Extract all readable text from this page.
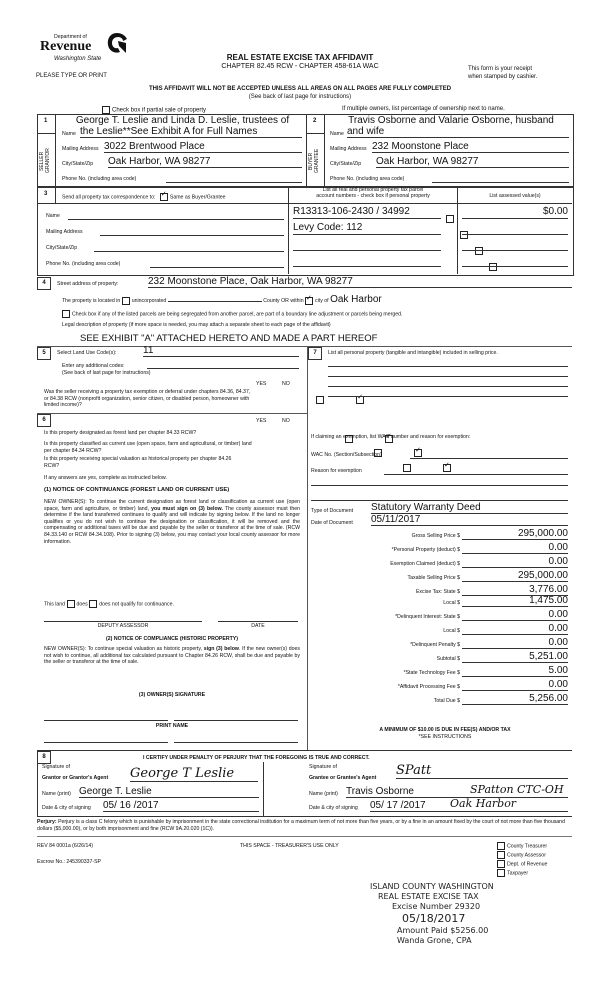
Department of
Revenue
Washington State
PLEASE TYPE OR PRINT
REAL ESTATE EXCISE TAX AFFIDAVIT
CHAPTER 82.45 RCW - CHAPTER 458-61A WAC	This form is your receipt
when stamped by cashier.
THIS AFFIDAVIT WILL NOT BE ACCEPTED UNLESS ALL AREAS ON ALL PAGES ARE FULLY COMPLETED
(See back of last page for instructions)
Check box if partial sale of property	If multiple owners, list percentage of ownership next to name.
1
SELLER GRANTOR
George T. Leslie and Linda D. Leslie, trustees of
Name the Leslie**See Exhibit A for Full Names
Mailing Address 3022 Brentwood Place
City/State/Zip Oak Harbor, WA 98277
Phone No. (including area code)
2
BUYER GRANTEE
Travis Osborne and Valarie Osborne, husband
Name and wife
Mailing Address 232 Moonstone Place
City/State/Zip Oak Harbor, WA 98277
Phone No. (including area code)
3
Send all property tax correspondence to: ✓	Same as Buyer/Grantee
List all real and personal property tax parcel
account numbers - check box if personal property	List assessed value(s)
Name
Mailing Address
City/State/Zip
Phone No. (including area code)
R13313-106-2430 / 34992
	$0.00
Levy Code: 112

4	Street address of property:	232 Moonstone Place, Oak Harbor, WA 98277
The property is located in unincorporated	County OR within ✓ city of Oak Harbor
Check box if any of the listed parcels are being segregated from another parcel, are part of a boundary line adjustment or parcels being merged.
Legal description of property (if more space is needed, you may attach a separate sheet to each page of the affidavit)
SEE EXHIBIT "A" ATTACHED HERETO AND MADE A PART HEREOF
5	Select Land Use Code(s):	11
Enter any additional codes:
(See back of last page for instructions)
YES	NO
Was the seller receiving a property tax exemption or deferral under chapters 84.36, 84.37, or 84.38 RCW (nonprofit organization, senior citizen, or disabled person, homeowner with limited income)?
✓
6	YES	NO
Is this property designated as forest land per chapter 84.33 RCW?
✓
Is this property classified as current use (open space, farm and agricultural, or timber) land per chapter 84.34 RCW?
✓
Is this property receiving special valuation as historical property per chapter 84.26 RCW?
✓
If any answers are yes, complete as instructed below.
(1) NOTICE OF CONTINUANCE (FOREST LAND OR CURRENT USE)
NEW OWNER(S): To continue the current designation as forest land or classification as current use (open space, farm and agriculture, or timber) land, you must sign on (3) below. The county assessor must then determine if the land transferred continues to qualify and will indicate by signing below. If the land no longer qualifies or you do not wish to continue the designation or classification, it will be removed and the compensating or additional taxes will be due and payable by the seller or transferor at the time of sale. (RCW 84.33.140 or RCW 84.34.108). Prior to signing (3) below, you may contact your local county assessor for more information.
This land does does not qualify for continuance.
DEPUTY ASSESSOR	DATE
(2) NOTICE OF COMPLIANCE (HISTORIC PROPERTY)
NEW OWNER(S): To continue special valuation as historic property, sign (3) below. If the new owner(s) does not wish to continue, all additional tax calculated pursuant to Chapter 84.26 RCW, shall be due and payable by the seller or transferor at the time of sale.
(3) OWNER(S) SIGNATURE
PRINT NAME
7	List all personal property (tangible and intangible) included in selling price.
If claiming an exemption, list WAC number and reason for exemption:
WAC No. (Section/Subsection)
Reason for exemption
Type of Document Statutory Warranty Deed
Date of Document 05/11/2017
Gross Selling Price $	295,000.00
*Personal Property (deduct) $	0.00
Exemption Claimed (deduct) $	0.00
Taxable Selling Price $	295,000.00
Excise Tax: State $	3,776.00
Local $	1,475.00
*Delinquent Interest: State $	0.00
Local $	0.00
*Delinquent Penalty $	0.00
Subtotal $	5,251.00
*State Technology Fee $	5.00
*Affidavit Processing Fee $	0.00
Total Due $	5,256.00
A MINIMUM OF $10.00 IS DUE IN FEE(S) AND/OR TAX
*SEE INSTRUCTIONS
8	I CERTIFY UNDER PENALTY OF PERJURY THAT THE FOREGOING IS TRUE AND CORRECT.
Signature of
Grantor or Grantor's Agent George T Leslie
Name (print) George T. Leslie
Date & city of signing 05/ 16 /2017
Signature of
Grantee or Grantee's Agent SPatt
Name (print) Travis Osborne	SPatton CTC-OH
Date & city of signing 05/ 17 /2017	Oak Harbor
Perjury: Perjury is a class C felony which is punishable by imprisonment in the state correctional institution for a maximum term of not more than five years, or by a fine in an amount fixed by the court of not more than five thousand dollars ($5,000.00), or by both imprisonment and fine (RCW 9A.20.020 (1C)).
REV 84 0001a (6/26/14)	THIS SPACE - TREASURER'S USE ONLY
Escrow No.: 245390337-SP
County Treasurer
County Assessor
Dept. of Revenue
Taxpayer
ISLAND COUNTY WASHINGTON
REAL ESTATE EXCISE TAX
Excise Number 29320
05/18/2017
Amount Paid $5256.00
Wanda Grone, CPA
